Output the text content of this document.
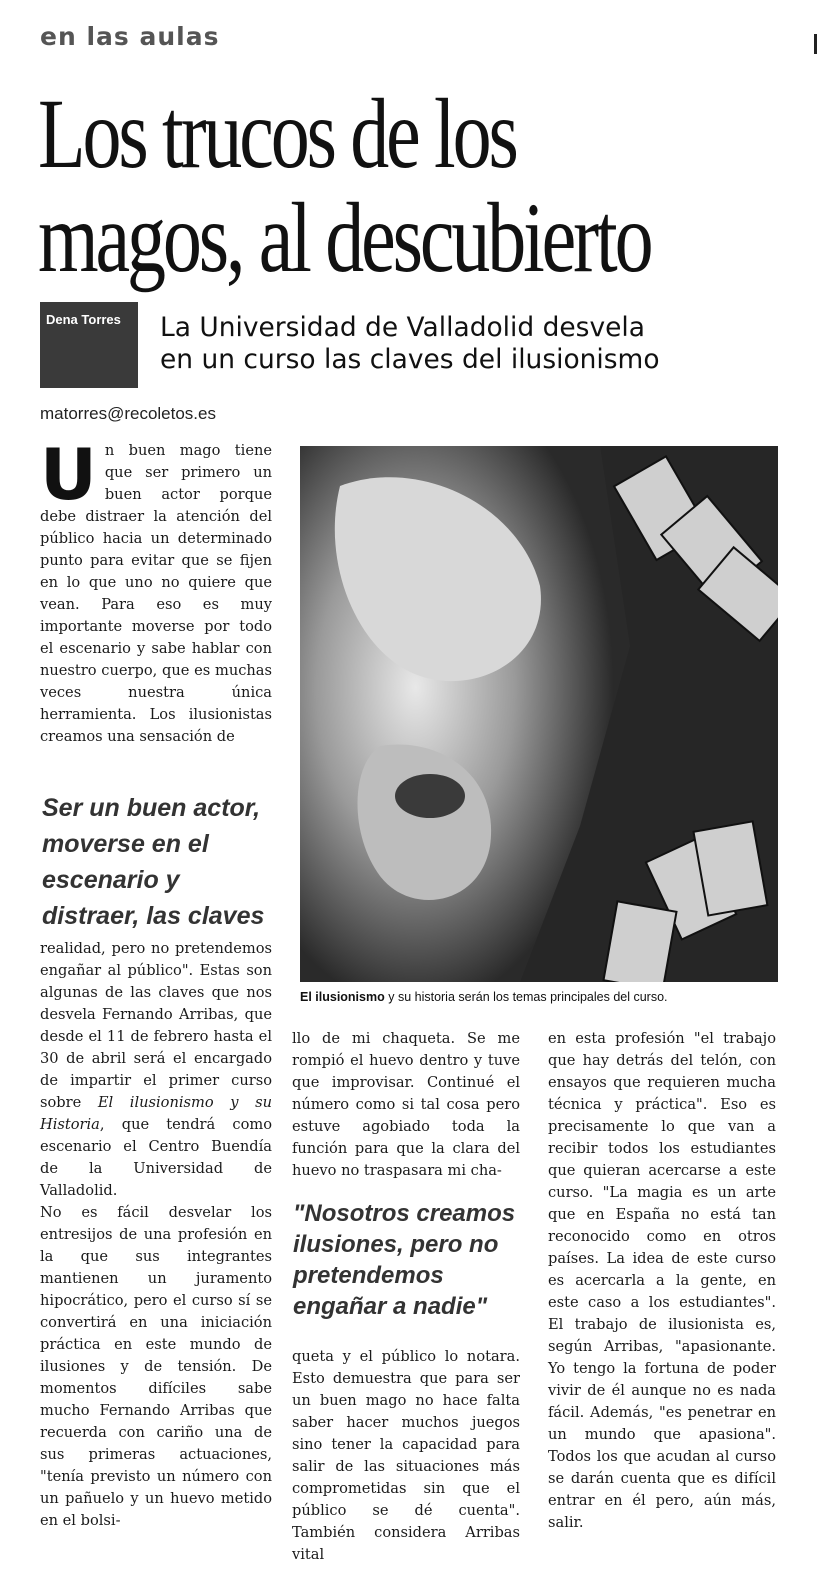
en las aulas
Los trucos de los
magos, al descubierto
Dena Torres La Universidad de Valladolid desvela
en un curso las claves del ilusionismo
matorres@recoletos.es

Un buen mago tiene que ser primero un buen actor porque debe distraer la atención del público hacia un determinado punto para evitar que se fijen en lo que uno no quiere que vean. Para eso es muy importante moverse por todo el escenario y sabe hablar con nuestro cuerpo, que es muchas veces nuestra única herramienta. Los ilusionistas creamos una sensación de

Ser un buen actor, moverse en el escenario y distraer, las claves

realidad, pero no pretendemos engañar al público". Estas son algunas de las claves que nos desvela Fernando Arribas, que desde el 11 de febrero hasta el 30 de abril será el encargado de impartir el primer curso sobre El ilusionismo y su Historia, que tendrá como escenario el Centro Buendía de la Universidad de Valladolid.

No es fácil desvelar los entresijos de una profesión en la que sus integrantes mantienen un juramento hipocrático, pero el curso sí se convertirá en una iniciación práctica en este mundo de ilusiones y de tensión. De momentos difíciles sabe mucho Fernando Arribas que recuerda con cariño una de sus primeras actuaciones, "tenía previsto un número con un pañuelo y un huevo metido en el bolsi-

El ilusionismo y su historia serán los temas principales del curso.

llo de mi chaqueta. Se me rompió el huevo dentro y tuve que improvisar. Continué el número como si tal cosa pero estuve agobiado toda la función para que la clara del huevo no traspasara mi cha-

"Nosotros creamos ilusiones, pero no pretendemos engañar a nadie"

queta y el público lo notara. Esto demuestra que para ser un buen mago no hace falta saber hacer muchos juegos sino tener la capacidad para salir de las situaciones más comprometidas sin que el público se dé cuenta". También considera Arribas vital

en esta profesión "el trabajo que hay detrás del telón, con ensayos que requieren mucha técnica y práctica". Eso es precisamente lo que van a recibir todos los estudiantes que quieran acercarse a este curso. "La magia es un arte que en España no está tan reconocido como en otros países. La idea de este curso es acercarla a la gente, en este caso a los estudiantes". El trabajo de ilusionista es, según Arribas, "apasionante. Yo tengo la fortuna de poder vivir de él aunque no es nada fácil. Además, "es penetrar en un mundo que apasiona". Todos los que acudan al curso se darán cuenta que es difícil entrar en él pero, aún más, salir.
